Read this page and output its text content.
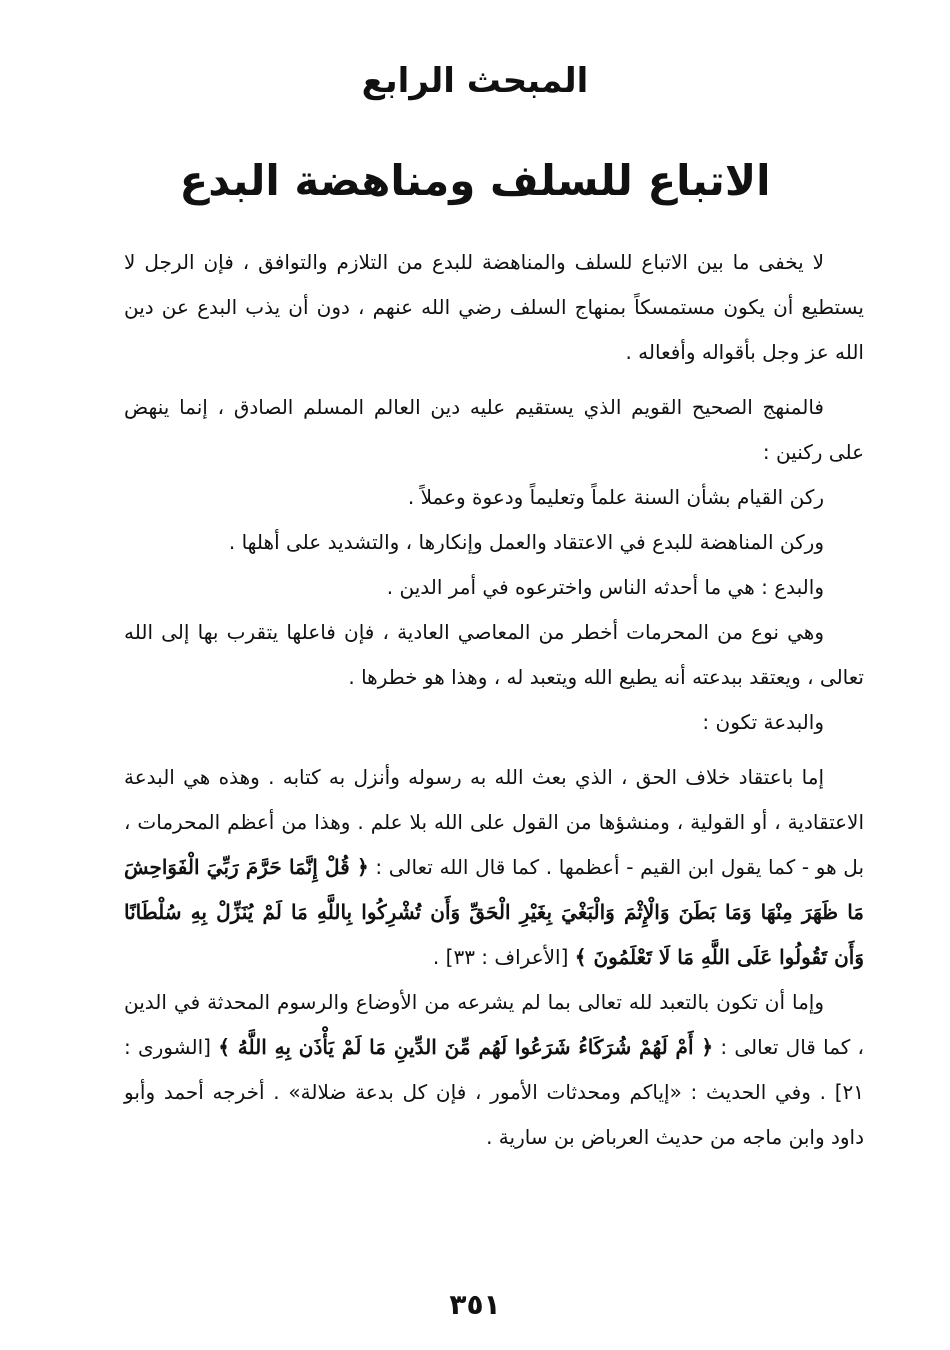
المبحث الرابع
الاتباع للسلف ومناهضة البدع

لا يخفى ما بين الاتباع للسلف والمناهضة للبدع من التلازم والتوافق ، فإن الرجل لا يستطيع أن يكون مستمسكاً بمنهاج السلف رضي الله عنهم ، دون أن يذب البدع عن دين الله عز وجل بأقواله وأفعاله .

فالمنهج الصحيح القويم الذي يستقيم عليه دين العالم المسلم الصادق ، إنما ينهض على ركنين :

ركن القيام بشأن السنة علماً وتعليماً ودعوة وعملاً .

وركن المناهضة للبدع في الاعتقاد والعمل وإنكارها ، والتشديد على أهلها .

والبدع : هي ما أحدثه الناس واخترعوه في أمر الدين .

وهي نوع من المحرمات أخطر من المعاصي العادية ، فإن فاعلها يتقرب بها إلى الله تعالى ، ويعتقد ببدعته أنه يطيع الله ويتعبد له ، وهذا هو خطرها .

والبدعة تكون :

إما باعتقاد خلاف الحق ، الذي بعث الله به رسوله وأنزل به كتابه . وهذه هي البدعة الاعتقادية ، أو القولية ، ومنشؤها من القول على الله بلا علم . وهذا من أعظم المحرمات ، بل هو - كما يقول ابن القيم - أعظمها . كما قال الله تعالى : ﴿ قُلْ إِنَّمَا حَرَّمَ رَبِّيَ الْفَوَاحِشَ مَا ظَهَرَ مِنْهَا وَمَا بَطَنَ وَالْإِثْمَ وَالْبَغْيَ بِغَيْرِ الْحَقِّ وَأَن تُشْرِكُوا بِاللَّهِ مَا لَمْ يُنَزِّلْ بِهِ سُلْطَانًا وَأَن تَقُولُوا عَلَى اللَّهِ مَا لَا تَعْلَمُونَ ﴾ [الأعراف : ٣٣] .

وإما أن تكون بالتعبد لله تعالى بما لم يشرعه من الأوضاع والرسوم المحدثة في الدين ، كما قال تعالى : ﴿ أَمْ لَهُمْ شُرَكَاءُ شَرَعُوا لَهُم مِّنَ الدِّينِ مَا لَمْ يَأْذَن بِهِ اللَّهُ ﴾ [الشورى : ٢١] . وفي الحديث : «إياكم ومحدثات الأمور ، فإن كل بدعة ضلالة» . أخرجه أحمد وأبو داود وابن ماجه من حديث العرباض بن سارية .

٣٥١
